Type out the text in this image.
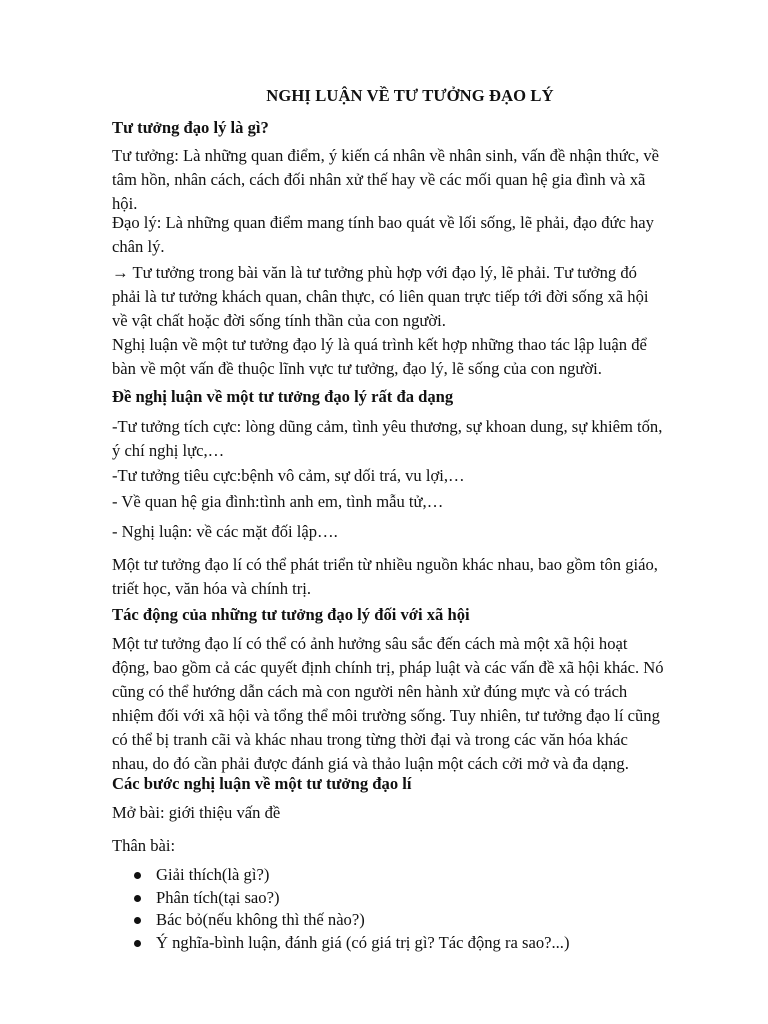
NGHỊ LUẬN VỀ TƯ TƯỞNG ĐẠO LÝ
Tư tưởng đạo lý là gì?
Tư tưởng: Là những quan điểm, ý kiến cá nhân về nhân sinh, vấn đề nhận thức, về
tâm hồn, nhân cách, cách đối nhân xử thế hay về các mối quan hệ gia đình và xã
hội.
Đạo lý: Là những quan điểm mang tính bao quát về lối sống, lẽ phải, đạo đức hay
chân lý.
→ Tư tưởng trong bài văn là tư tưởng phù hợp với đạo lý, lẽ phải. Tư tưởng đó
phải là tư tưởng khách quan, chân thực, có liên quan trực tiếp tới đời sống xã hội
về vật chất hoặc đời sống tính thần của con người.
Nghị luận về một tư tưởng đạo lý là quá trình kết hợp những thao tác lập luận để
bàn về một vấn đề thuộc lĩnh vực tư tưởng, đạo lý, lẽ sống của con người.
Đề nghị luận về một tư tưởng đạo lý rất đa dạng
-Tư tưởng tích cực: lòng dũng cảm, tình yêu thương, sự khoan dung, sự khiêm tốn,
ý chí nghị lực,…
-Tư tưởng tiêu cực:bệnh vô cảm, sự dối trá, vu lợi,…
- Về quan hệ gia đình:tình anh em, tình mẫu tử,…
- Nghị luận: về các mặt đối lập….
Một tư tưởng đạo lí có thể phát triển từ nhiều nguồn khác nhau, bao gồm tôn giáo,
triết học, văn hóa và chính trị.
Tác động của những tư tưởng đạo lý đối với xã hội
Một tư tưởng đạo lí có thể có ảnh hưởng sâu sắc đến cách mà một xã hội hoạt
động, bao gồm cả các quyết định chính trị, pháp luật và các vấn đề xã hội khác. Nó
cũng có thể hướng dẫn cách mà con người nên hành xử đúng mực và có trách
nhiệm đối với xã hội và tổng thể môi trường sống. Tuy nhiên, tư tưởng đạo lí cũng
có thể bị tranh cãi và khác nhau trong từng thời đại và trong các văn hóa khác
nhau, do đó cần phải được đánh giá và thảo luận một cách cởi mở và đa dạng.
Các bước nghị luận về một tư tưởng đạo lí
Mở bài: giới thiệu vấn đề
Thân bài:
Giải thích(là gì?)
Phân tích(tại sao?)
Bác bỏ(nếu không thì thế nào?)
Ý nghĩa-bình luận, đánh giá (có giá trị gì? Tác động ra sao?...)
